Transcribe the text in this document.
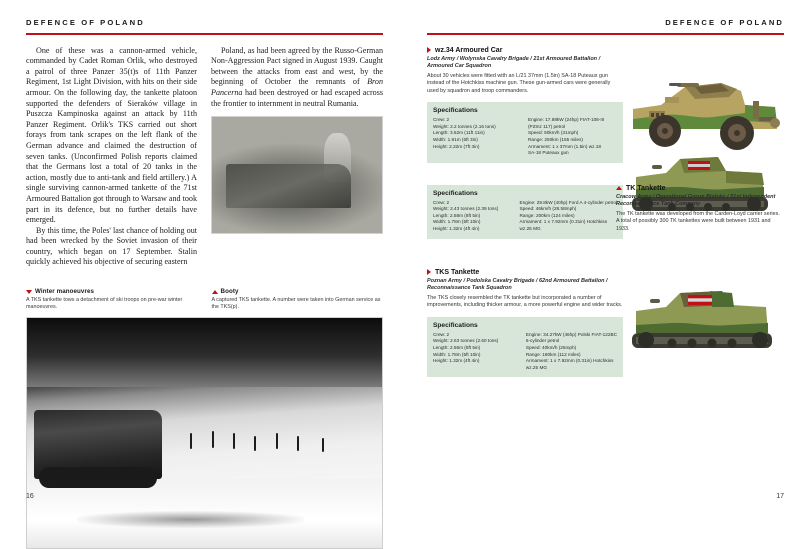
DEFENCE OF POLAND

One of these was a cannon-armed vehicle, commanded by Cadet Roman Orlik, who destroyed a patrol of three Panzer 35(t)s of 11th Panzer Regiment, 1st Light Division, with hits on their side armour. On the following day, the tankette platoon supported the defenders of Sieraków village in Puszcza Kampinoska against an attack by 11th Panzer Regiment. Orlik's TKS carried out short forays from tank scrapes on the left flank of the German advance and claimed the destruction of seven tanks. (Unconfirmed Polish reports claimed that the Germans lost a total of 20 tanks in the action, mostly due to anti-tank and field artillery.) A single surviving cannon-armed tankette of the 71st Armoured Battalion got through to Warsaw and took part in its defence, but no further details have emerged.

By this time, the Poles' last chance of holding out had been wrecked by the Soviet invasion of their country, which began on 17 September. Stalin quickly achieved his objective of securing eastern

Poland, as had been agreed by the Russo-German Non-Aggression Pact signed in August 1939. Caught between the attacks from east and west, by the beginning of October the remnants of Bron Pancerna had been destroyed or had escaped across the frontier to internment in neutral Rumania.

Winter manoeuvres
A TKS tankette tows a detachment of ski troops on pre-war winter manoeuvres.
Booty
A captured TKS tankette. A number were taken into German service as the TKS(p).
16
DEFENCE OF POLAND
wz.34 Armoured Car
Lodz Army / Wolynska Cavalry Brigade / 21st Armoured Battalion / Armoured Car Squadron
About 30 vehicles were fitted with an L/21 37mm (1.5in) SA-18 Puteaux gun instead of the Hotchkiss machine gun. These gun-armed cars were generally used by squadron and troop commanders.
Specifications
Crew: 2
Weight: 2.2 tonnes (2.16 tons)
Length: 3.62m (11ft 11in)
Width: 1.91m (6ft 3in)
Height: 2.22m (7ft 3in)
Engine: 17.88kW (24hp) FIAT-108-III
(PZInz 117) petrol
Speed: 50km/h (31mph)
Range: 250km (155 miles)
Armament: 1 x 37mm (1.5in) wz.18
SA-18 Puteaux gun
Specifications
Crew: 2
Weight: 2.43 tonnes (2.39 tons)
Length: 2.58m (8ft 5in)
Width: 1.78m (5ft 10in)
Height: 1.32m (4ft 4in)
Engine: 29.8kW (40hp) Ford A 4-cylinder petrol
Speed: 46km/h (28.58mph)
Range: 200km (124 miles)
Armament: 1 x 7.92mm (0.31in) Hotchkiss
wz.25 MG
TK Tankette
Cracow Army / Operational Group Bielsko / 51st Independent Reconnaissance Tank Company
The TK tankette was developed from the Carden-Loyd carrier series. A total of possibly 300 TK tankettes were built between 1931 and 1933.
TKS Tankette
Poznan Army / Podolska Cavalry Brigade / 62nd Armoured Battalion / Reconnaissance Tank Squadron
The TKS closely resembled the TK tankette but incorporated a number of improvements, including thicker armour, a more powerful engine and wider tracks.
Specifications
Crew: 2
Weight: 2.63 tonnes (2.60 tons)
Length: 2.56m (8ft 5in)
Width: 1.78m (5ft 10in)
Height: 1.32m (4ft 4in)
Engine: 34.27kW (46hp) Polski FIAT-122BC
6-cylinder petrol
Speed: 40km/h (25mph)
Range: 180km (112 miles)
Armament: 1 x 7.92mm (0.31in) Hotchkiss
wz.25 MG
17
